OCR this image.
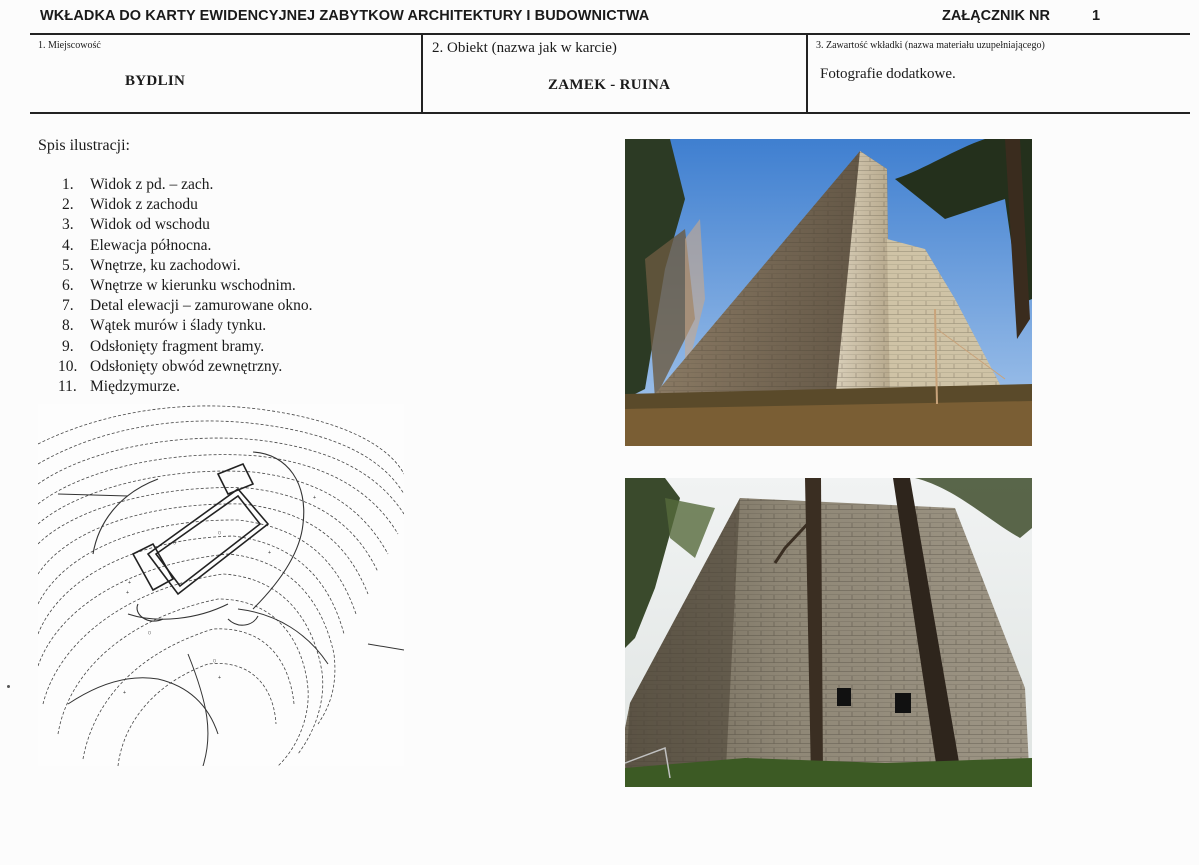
WKŁADKA DO KARTY EWIDENCYJNEJ ZABYTKOW ARCHITEKTURY I BUDOWNICTWA	ZAŁĄCZNIK NR	1
1. Miejscowość
BYDLIN
2. Obiekt (nazwa jak w karcie)
ZAMEK - RUINA
3. Zawartość wkładki (nazwa materiału uzupełniającego)
Fotografie dodatkowe.
Spis ilustracji:
1.	Widok z pd. – zach.
2.	Widok z zachodu
3.	Widok od wschodu
4.	Elewacja północna.
5.	Wnętrze, ku zachodowi.
6.	Wnętrze w kierunku wschodnim.
7.	Detal elewacji – zamurowane okno.
8.	Wątek murów i ślady tynku.
9.	Odsłonięty fragment bramy.
10. Odsłonięty obwód zewnętrzny.
11. Międzymurze.
○
○
+
+
+
+
+
+
○
○
